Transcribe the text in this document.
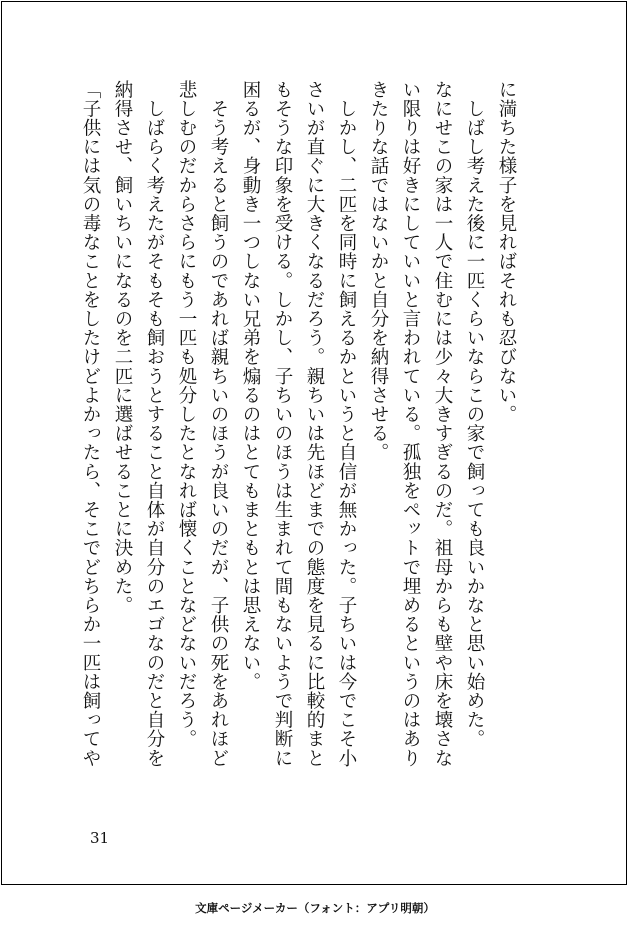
に満ちた様子を見ればそれも忍びない。
　しばし考えた後に一匹くらいならこの家で飼っても良いかなと思い始めた。
なにせこの家は一人で住むには少々大きすぎるのだ。祖母からも壁や床を壊さな
い限りは好きにしていいと言われている。孤独をペットで埋めるというのはあり
きたりな話ではないかと自分を納得させる。
　しかし、二匹を同時に飼えるかというと自信が無かった。子ちいは今でこそ小
さいが直ぐに大きくなるだろう。親ちいは先ほどまでの態度を見るに比較的まと
もそうな印象を受ける。しかし、子ちいのほうは生まれて間もないようで判断に
困るが、身動き一つしない兄弟を煽るのはとてもまともとは思えない。
　そう考えると飼うのであれば親ちいのほうが良いのだが、子供の死をあれほど
悲しむのだからさらにもう一匹も処分したとなれば懐くことなどないだろう。
　しばらく考えたがそもそも飼おうとすること自体が自分のエゴなのだと自分を
納得させ、飼いちいになるのを二匹に選ばせることに決めた。
「子供には気の毒なことをしたけどよかったら、そこでどちらか一匹は飼ってや
31
文庫ページメーカー（フォント：アプリ明朝）
